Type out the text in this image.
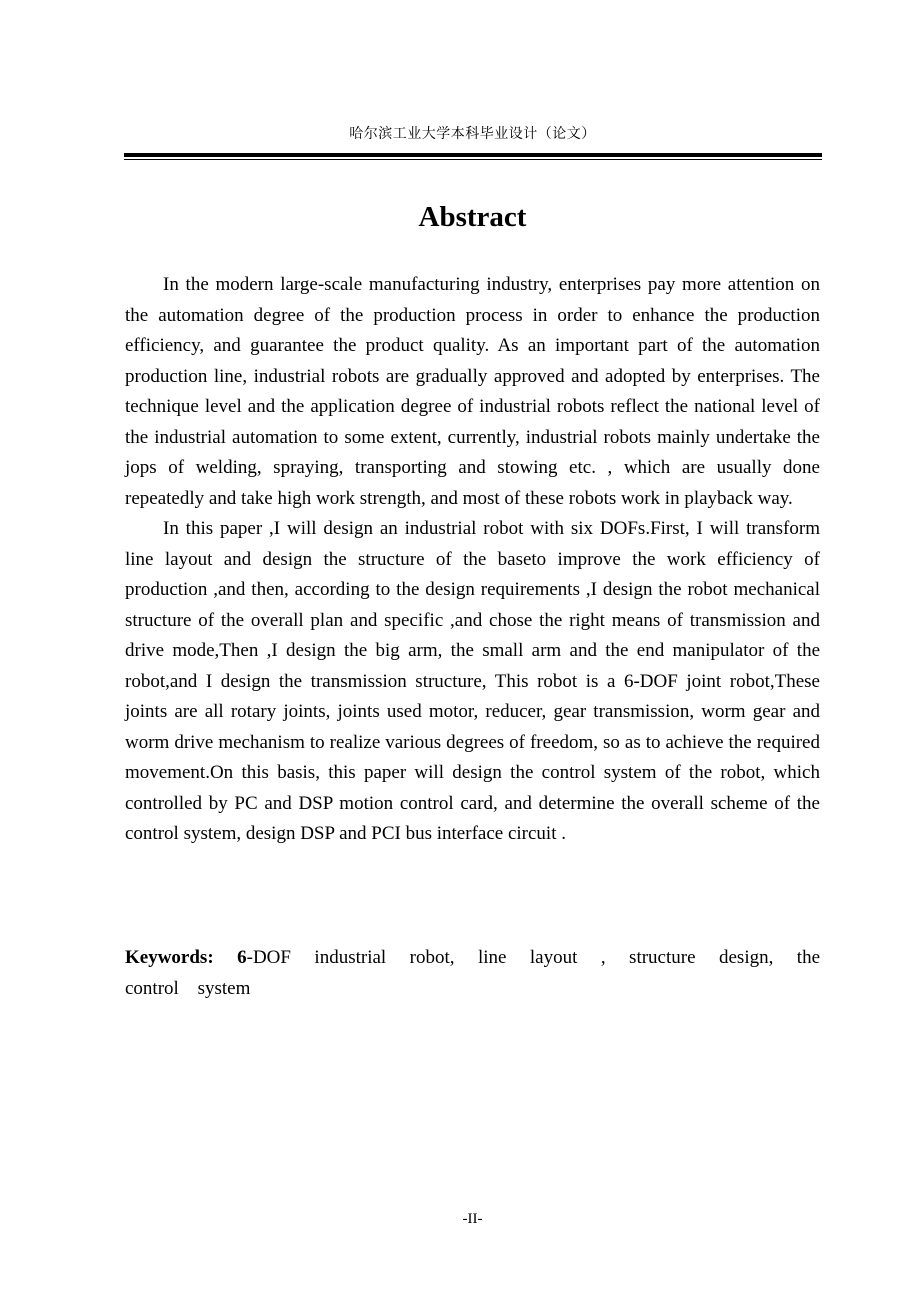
哈尔滨工业大学本科毕业设计（论文）
Abstract

In the modern large-scale manufacturing industry, enterprises pay more attention on the automation degree of the production process in order to enhance the production efficiency, and guarantee the product quality. As an important part of the automation production line, industrial robots are gradually approved and adopted by enterprises. The technique level and the application degree of industrial robots reflect the national level of the industrial automation to some extent, currently, industrial robots mainly undertake the jops of welding, spraying, transporting and stowing etc. , which are usually done repeatedly and take high work strength, and most of these robots work in playback way.

In this paper ,I will design an industrial robot with six DOFs.First, I will transform line layout and design the structure of the baseto improve the work efficiency of production ,and then, according to the design requirements ,I design the robot mechanical structure of the overall plan and specific ,and chose the right means of transmission and drive mode,Then ,I design the big arm, the small arm and the end manipulator of the robot,and I design the transmission structure, This robot is a 6-DOF joint robot,These joints are all rotary joints, joints used motor, reducer, gear transmission, worm gear and worm drive mechanism to realize various degrees of freedom, so as to achieve the required movement.On this basis, this paper will design the control system of the robot, which controlled by PC and DSP motion control card, and determine the overall scheme of the control system, design DSP and PCI bus interface circuit .

Keywords: 6-DOF industrial robot, line layout , structure design, the control system
-II-
